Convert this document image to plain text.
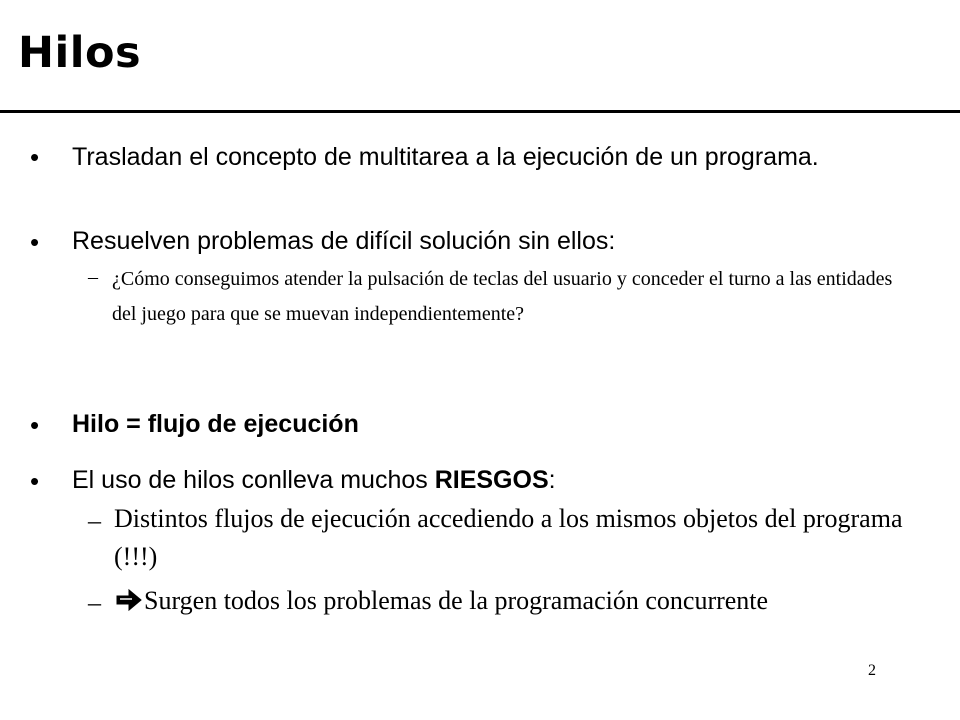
Hilos
• Trasladan el concepto de multitarea a la ejecución de un programa.
• Resuelven problemas de difícil solución sin ellos:
– ¿Cómo conseguimos atender la pulsación de teclas del usuario y conceder el turno a las entidades del juego para que se muevan independientemente?
• Hilo = flujo de ejecución
• El uso de hilos conlleva muchos RIESGOS:
– Distintos flujos de ejecución accediendo a los mismos objetos del programa (!!!)
–	Surgen todos los problemas de la programación concurrente
2
